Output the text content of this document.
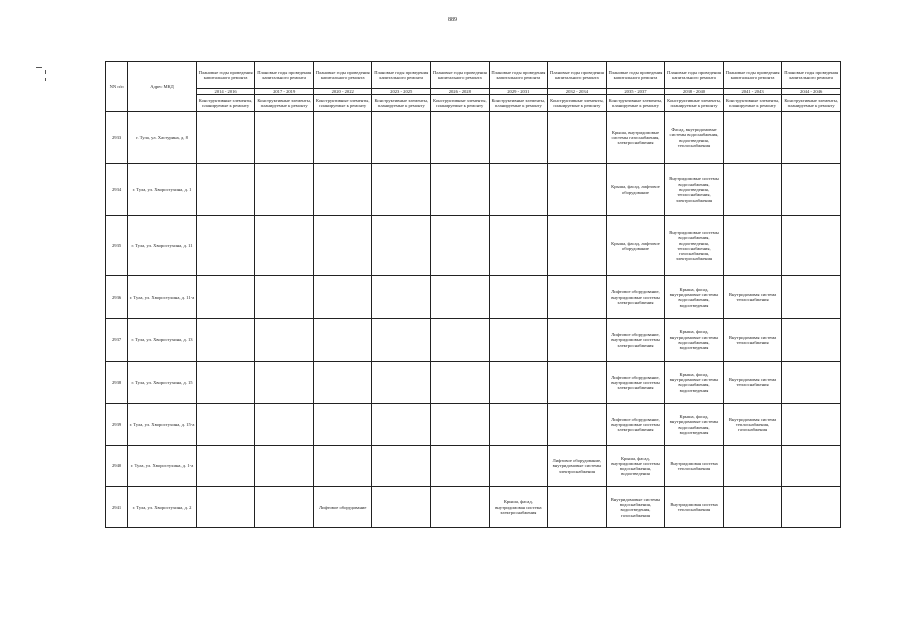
889
NN п/п	Адрес МКД	Плановые годы проведения капитального ремонта	Плановые годы проведения капитального ремонта	Плановые годы проведения капитального ремонта	Плановые годы проведения капитального ремонта	Плановые годы проведения капитального ремонта	Плановые годы проведения капитального ремонта	Плановые годы проведения капитального ремонта	Плановые годы проведения капитального ремонта	Плановые годы проведения капитального ремонта	Плановые годы проведения капитального ремонта	Плановые годы проведения капитального ремонта
		2014 - 2016	2017 - 2019	2020 - 2022	2023 - 2025	2026 - 2028	2029 - 2031	2032 - 2034	2035 - 2037	2038 - 2040	2041 - 2043	2044 - 2046
		Конструктивные элементы, планируемые к ремонту	Конструктивные элементы, планируемые к ремонту	Конструктивные элементы, планируемые к ремонту	Конструктивные элементы, планируемые к ремонту	Конструктивные элементы, планируемые к ремонту	Конструктивные элементы, планируемые к ремонту	Конструктивные элементы, планируемые к ремонту	Конструктивные элементы, планируемые к ремонту	Конструктивные элементы, планируемые к ремонту	Конструктивные элементы, планируемые к ремонту	Конструктивные элементы, планируемые к ремонту
2933	г. Тула, ул. Хастурина, д. 8								Крыша, внутридомовые системы газоснабжения, электроснабжения	Фасад, внутридомовые системы водоснабжения, водоотведения, теплоснабжения		
2934	г. Тула, ул. Хворостухина, д. 1								Крыша, фасад, лифтовое оборудование	Внутридомовые системы водоснабжения, водоотведения, теплоснабжения, электроснабжения		
2935	г. Тула, ул. Хворостухина, д. 11								Крыша, фасад, лифтовое оборудование	Внутридомовые системы водоснабжения, водоотведения, теплоснабжения, газоснабжения, электроснабжения		
2936	г. Тула, ул. Хворостухина, д. 11-а								Лифтовое оборудование, внутридомовые системы электроснабжения	Крыша, фасад, внутридомовые системы водоснабжения, водоотведения	Внутридомовая система теплоснабжения	
2937	г. Тула, ул. Хворостухина, д. 13								Лифтовое оборудование, внутридомовые системы электроснабжения	Крыша, фасад, внутридомовые системы водоснабжения, водоотведения	Внутридомовая система теплоснабжения	
2938	г. Тула, ул. Хворостухина, д. 15								Лифтовое оборудование, внутридомовые системы электроснабжения	Крыша, фасад, внутридомовые системы водоснабжения, водоотведения	Внутридомовая система теплоснабжения	
2939	г. Тула, ул. Хворостухина, д. 15-а								Лифтовое оборудование, внутридомовые системы электроснабжения	Крыша, фасад, внутридомовые системы водоснабжения, водоотведения	Внутридомовая система теплоснабжения, газоснабжения	
2940	г. Тула, ул. Хворостухина, д. 1-а							Лифтовое оборудование, внутридомовые системы электроснабжения	Крыша, фасад, внутридомовые системы водоснабжения, водоотведения	Внутридомовая система теплоснабжения		
2941	г. Тула, ул. Хворостухина, д. 2			Лифтовое оборудование			Крыша, фасад, внутридомовая система электроснабжения		Внутридомовые системы водоснабжения, водоотведения, газоснабжения	Внутридомовая система теплоснабжения		
